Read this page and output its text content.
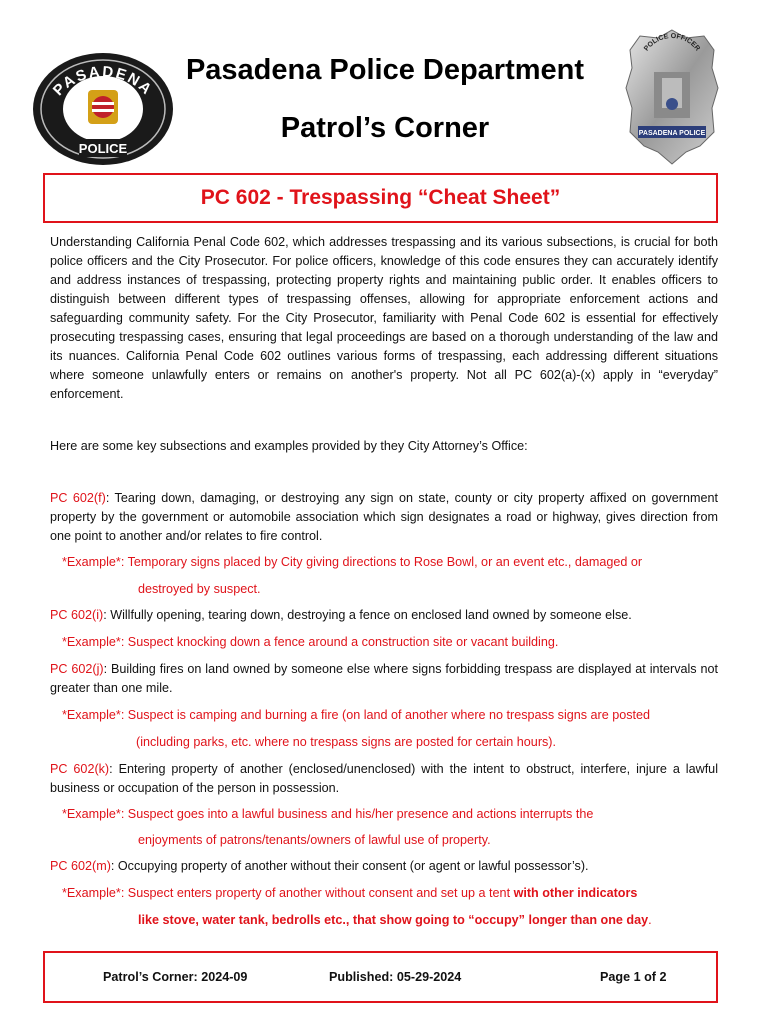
PASADENA
POLICE
Pasadena Police Department
Patrol’s Corner
POLICE OFFICER
PASADENA POLICE
PC 602 - Trespassing “Cheat Sheet”
Understanding California Penal Code 602, which addresses trespassing and its various subsections, is crucial for both police officers and the City Prosecutor. For police officers, knowledge of this code ensures they can accurately identify and address instances of trespassing, protecting property rights and maintaining public order. It enables officers to distinguish between different types of trespassing offenses, allowing for appropriate enforcement actions and safeguarding community safety. For the City Prosecutor, familiarity with Penal Code 602 is essential for effectively prosecuting trespassing cases, ensuring that legal proceedings are based on a thorough understanding of the law and its nuances. California Penal Code 602 outlines various forms of trespassing, each addressing different situations where someone unlawfully enters or remains on another's property. Not all PC 602(a)-(x) apply in “everyday” enforcement.
Here are some key subsections and examples provided by they City Attorney’s Office:
PC 602(f): Tearing down, damaging, or destroying any sign on state, county or city property affixed on government property by the government or automobile association which sign designates a road or highway, gives direction from one point to another and/or relates to fire control.
*Example*: Temporary signs placed by City giving directions to Rose Bowl, or an event etc., damaged or
destroyed by suspect.
PC 602(i): Willfully opening, tearing down, destroying a fence on enclosed land owned by someone else.
*Example*: Suspect knocking down a fence around a construction site or vacant building.
PC 602(j): Building fires on land owned by someone else where signs forbidding trespass are displayed at intervals not greater than one mile.
*Example*: Suspect is camping and burning a fire (on land of another where no trespass signs are posted
(including parks, etc. where no trespass signs are posted for certain hours).
PC 602(k): Entering property of another (enclosed/unenclosed) with the intent to obstruct, interfere, injure a lawful business or occupation of the person in possession.
*Example*: Suspect goes into a lawful business and his/her presence and actions interrupts the
enjoyments of patrons/tenants/owners of lawful use of property.
PC 602(m): Occupying property of another without their consent (or agent or lawful possessor’s).
*Example*: Suspect enters property of another without consent and set up a tent with other indicators
like stove, water tank, bedrolls etc., that show going to “occupy” longer than one day.
Patrol’s Corner: 2024-09	Published: 05-29-2024	Page 1 of 2
